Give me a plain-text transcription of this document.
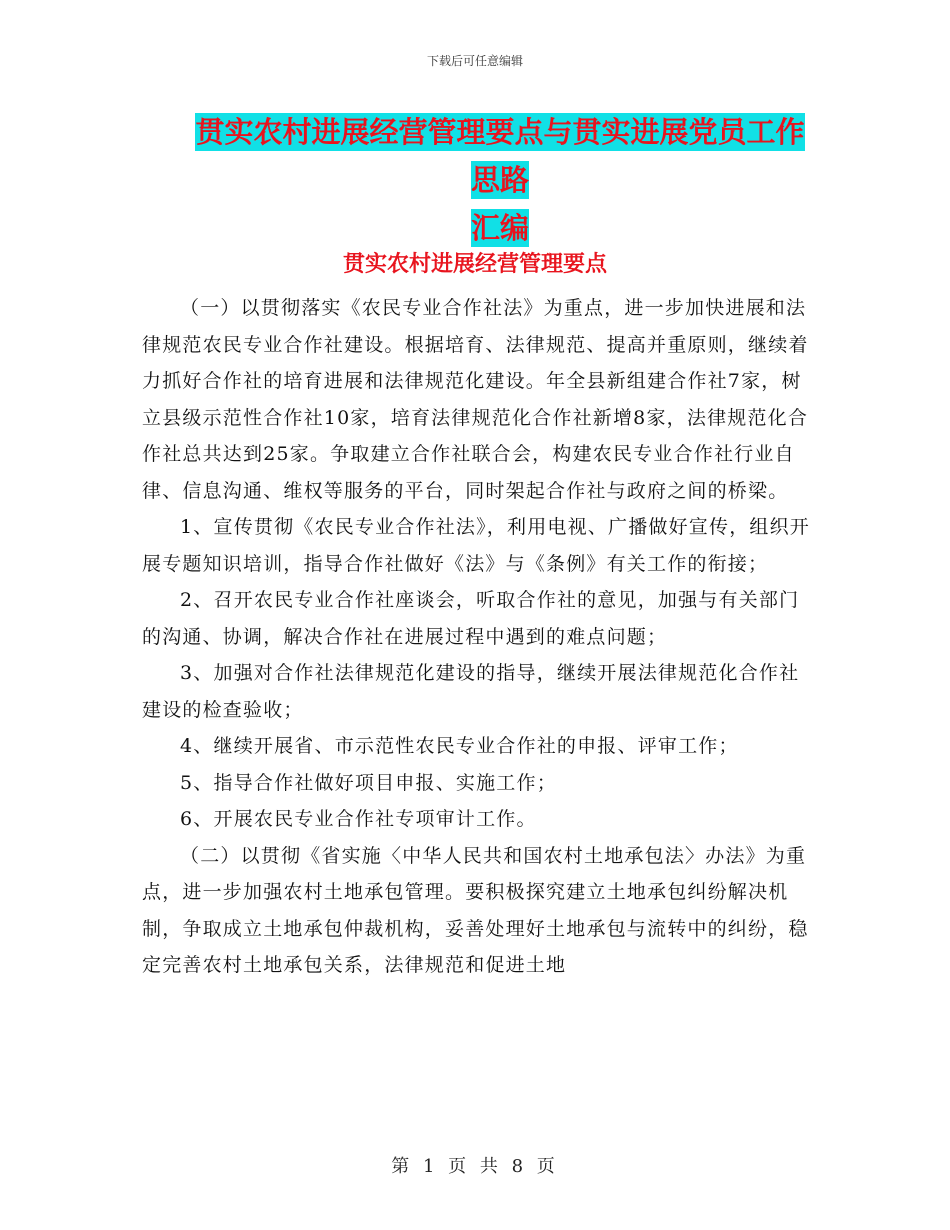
下载后可任意编辑
贯实农村进展经营管理要点与贯实进展党员工作思路
汇编
贯实农村进展经营管理要点

（一）以贯彻落实《农民专业合作社法》为重点，进一步加快进展和法律规范农民专业合作社建设。根据培育、法律规范、提高并重原则，继续着力抓好合作社的培育进展和法律规范化建设。年全县新组建合作社7家，树立县级示范性合作社10家，培育法律规范化合作社新增8家，法律规范化合作社总共达到25家。争取建立合作社联合会，构建农民专业合作社行业自律、信息沟通、维权等服务的平台，同时架起合作社与政府之间的桥梁。

1、宣传贯彻《农民专业合作社法》，利用电视、广播做好宣传，组织开展专题知识培训，指导合作社做好《法》与《条例》有关工作的衔接；

2、召开农民专业合作社座谈会，听取合作社的意见，加强与有关部门的沟通、协调，解决合作社在进展过程中遇到的难点问题；

3、加强对合作社法律规范化建设的指导，继续开展法律规范化合作社建设的检查验收；

4、继续开展省、市示范性农民专业合作社的申报、评审工作；

5、指导合作社做好项目申报、实施工作；

6、开展农民专业合作社专项审计工作。

（二）以贯彻《省实施〈中华人民共和国农村土地承包法〉办法》为重点，进一步加强农村土地承包管理。要积极探究建立土地承包纠纷解决机制，争取成立土地承包仲裁机构，妥善处理好土地承包与流转中的纠纷，稳定完善农村土地承包关系，法律规范和促进土地

第 1 页 共 8 页
